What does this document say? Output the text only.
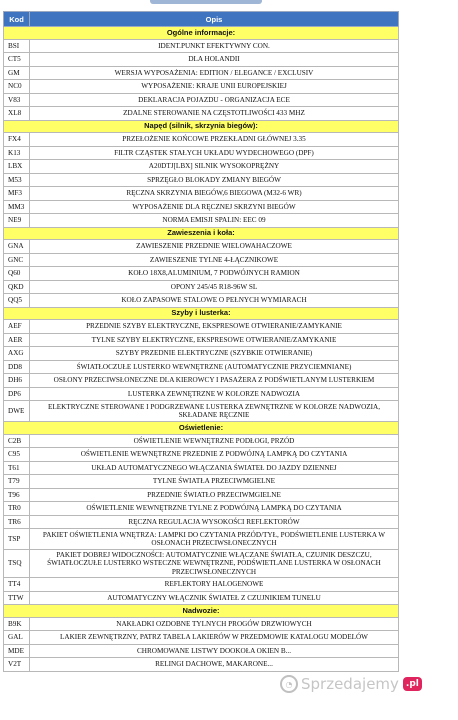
Kod	Opis
Ogólne informacje:	
BSI	IDENT.PUNKT EFEKTYWNY CON.
CT5	DLA HOLANDII
GM	WERSJA WYPOSAŻENIA: EDITION / ELEGANCE / EXCLUSIV
NC0	WYPOSAŻENIE: KRAJE UNII EUROPEJSKIEJ
V83	DEKLARACJA POJAZDU - ORGANIZACJA ECE
XL8	ZDALNE STEROWANIE NA CZĘSTOTLIWOŚCI 433 MHZ
Napęd (silnik, skrzynia biegów):	
FX4	PRZEŁOŻENIE KOŃCOWE PRZEKŁADNI GŁÓWNEJ 3.35
K13	FILTR CZĄSTEK STAŁYCH UKŁADU WYDECHOWEGO (DPF)
LBX	A20DTJ[LBX] SILNIK WYSOKOPRĘŻNY
M53	SPRZĘGŁO BLOKADY ZMIANY BIEGÓW
MF3	RĘCZNA SKRZYNIA BIEGÓW,6 BIEGOWA (M32-6 WR)
MM3	WYPOSAŻENIE DLA RĘCZNEJ SKRZYNI BIEGÓW
NE9	NORMA EMISJI SPALIN: EEC 09
Zawieszenia i koła:	
GNA	ZAWIESZENIE PRZEDNIE WIELOWAHACZOWE
GNC	ZAWIESZENIE TYLNE 4-ŁĄCZNIKOWE
Q60	KOŁO 18X8,ALUMINIUM, 7 PODWÓJNYCH RAMION
QKD	OPONY 245/45 R18-96W SL
QQ5	KOŁO ZAPASOWE STALOWE O PEŁNYCH WYMIARACH
Szyby i lusterka:	
AEF	PRZEDNIE SZYBY ELEKTRYCZNE, EKSPRESOWE OTWIERANIE/ZAMYKANIE
AER	TYLNE SZYBY ELEKTRYCZNE, EKSPRESOWE OTWIERANIE/ZAMYKANIE
AXG	SZYBY PRZEDNIE ELEKTRYCZNE (SZYBKIE OTWIERANIE)
DD8	ŚWIATŁOCZUŁE LUSTERKO WEWNĘTRZNE (AUTOMATYCZNIE PRZYCIEMNIANE)
DH6	OSŁONY PRZECIWSŁONECZNE DLA KIEROWCY I PASAŻERA Z PODŚWIETLANYM LUSTERKIEM
DP6	LUSTERKA ZEWNĘTRZNE W KOLORZE NADWOZIA
DWE	ELEKTRYCZNE STEROWANE I PODGRZEWANE LUSTERKA ZEWNĘTRZNE W KOLORZE NADWOZIA, SKŁADANE RĘCZNIE
Oświetlenie:	
C2B	OŚWIETLENIE WEWNĘTRZNE PODŁOGI, PRZÓD
C95	OŚWIETLENIE WEWNĘTRZNE PRZEDNIE Z PODWÓJNĄ LAMPKĄ DO CZYTANIA
T61	UKŁAD AUTOMATYCZNEGO WŁĄCZANIA ŚWIATEŁ DO JAZDY DZIENNEJ
T79	TYLNE ŚWIATŁA PRZECIWMGIELNE
T96	PRZEDNIE ŚWIATŁO PRZECIWMGIELNE
TR0	OŚWIETLENIE WEWNĘTRZNE TYLNE Z PODWÓJNĄ LAMPKĄ DO CZYTANIA
TR6	RĘCZNA REGULACJA WYSOKOŚCI REFLEKTORÓW
TSP	PAKIET OŚWIETLENIA WNĘTRZA: LAMPKI DO CZYTANIA PRZÓD/TYŁ, PODŚWIETLENIE LUSTERKA W OSŁONACH PRZECIWSŁONECZNYCH
TSQ	PAKIET DOBREJ WIDOCZNOŚCI: AUTOMATYCZNIE WŁĄCZANE ŚWIATŁA, CZUJNIK DESZCZU, ŚWIATŁOCZUŁE LUSTERKO WSTECZNE WEWNĘTRZNE, PODŚWIETLANE LUSTERKA W OSŁONACH PRZECIWSŁONECZNYCH
TT4	REFLEKTORY HALOGENOWE
TTW	AUTOMATYCZNY WŁĄCZNIK ŚWIATEŁ Z CZUJNIKIEM TUNELU
Nadwozie:	
B9K	NAKŁADKI OZDOBNE TYLNYCH PROGÓW DRZWIOWYCH
GAL	LAKIER ZEWNĘTRZNY, PATRZ TABELA LAKIERÓW W PRZEDMOWIE KATALOGU MODELÓW
MDE	CHROMOWANE LISTWY DOOKOŁA OKIEN B...
V2T	RELINGI DACHOWE, MAKARONE...
◔ Sprzedajemy .pl
